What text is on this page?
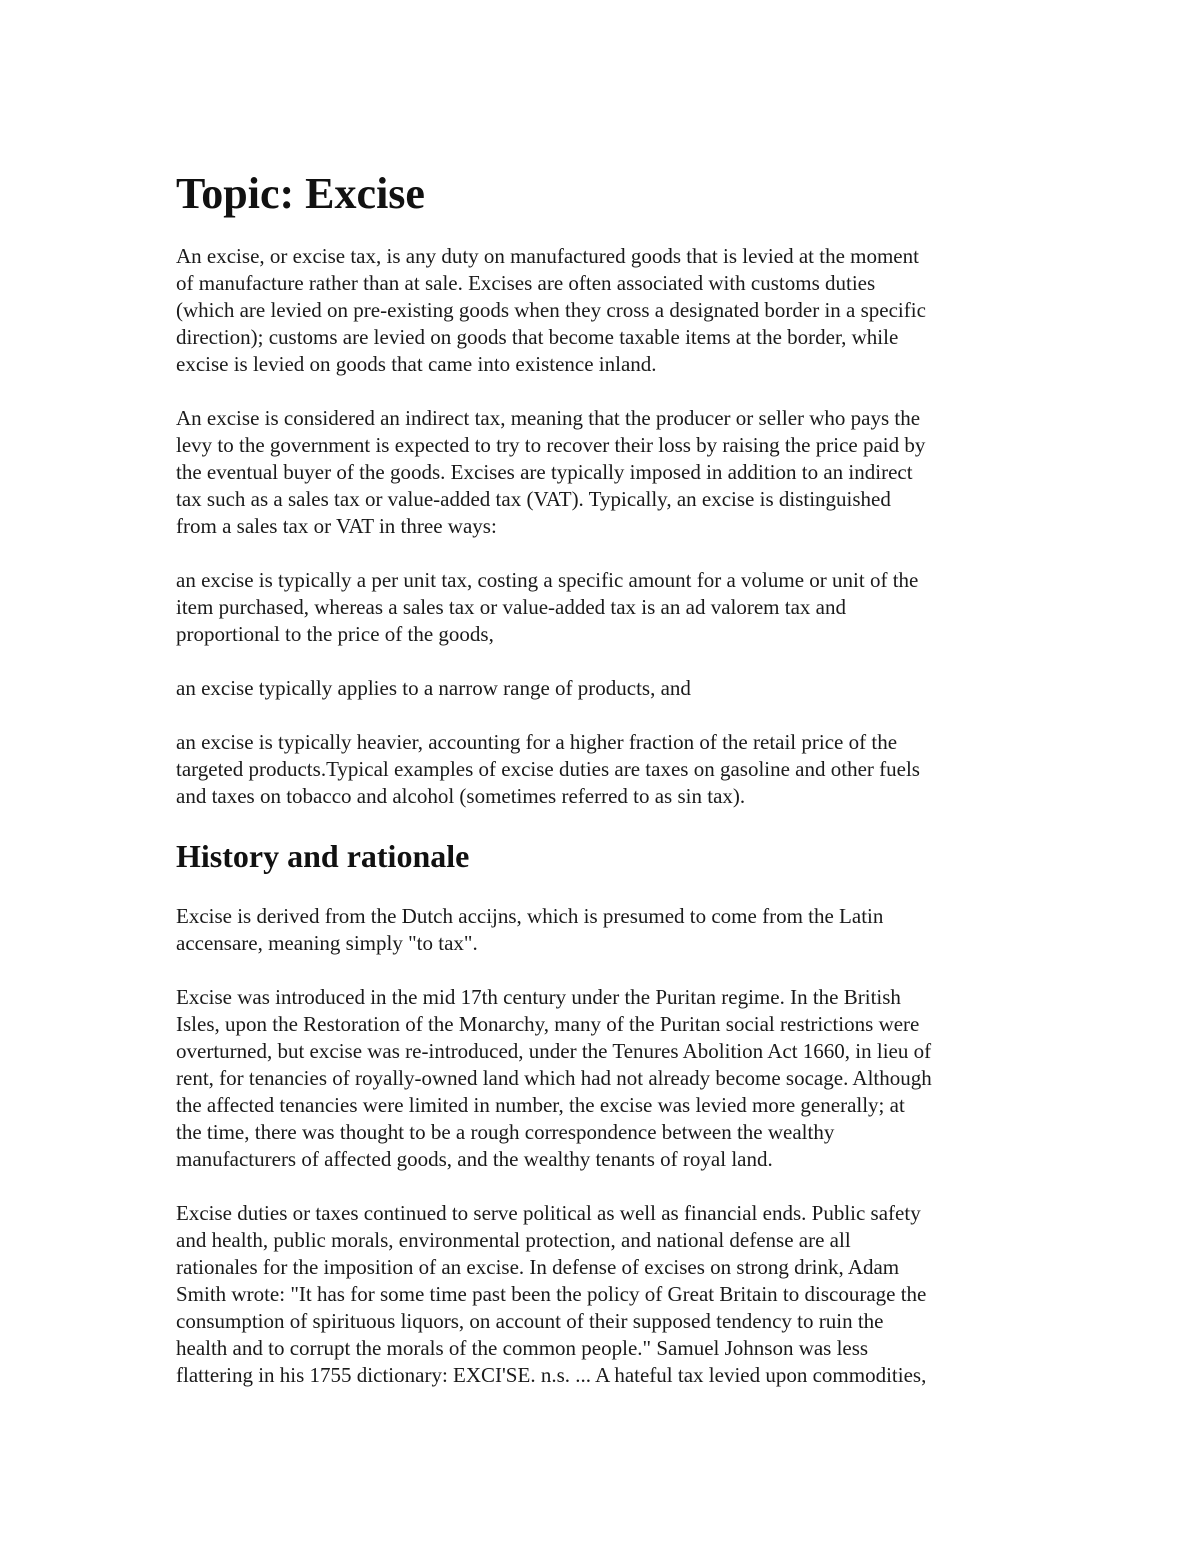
Topic: Excise

An excise, or excise tax, is any duty on manufactured goods that is levied at the moment
of manufacture rather than at sale. Excises are often associated with customs duties
(which are levied on pre-existing goods when they cross a designated border in a specific
direction); customs are levied on goods that become taxable items at the border, while
excise is levied on goods that came into existence inland.

An excise is considered an indirect tax, meaning that the producer or seller who pays the
levy to the government is expected to try to recover their loss by raising the price paid by
the eventual buyer of the goods. Excises are typically imposed in addition to an indirect
tax such as a sales tax or value-added tax (VAT). Typically, an excise is distinguished
from a sales tax or VAT in three ways:

an excise is typically a per unit tax, costing a specific amount for a volume or unit of the
item purchased, whereas a sales tax or value-added tax is an ad valorem tax and
proportional to the price of the goods,

an excise typically applies to a narrow range of products, and

an excise is typically heavier, accounting for a higher fraction of the retail price of the
targeted products.Typical examples of excise duties are taxes on gasoline and other fuels
and taxes on tobacco and alcohol (sometimes referred to as sin tax).

History and rationale

Excise is derived from the Dutch accijns, which is presumed to come from the Latin
accensare, meaning simply "to tax".

Excise was introduced in the mid 17th century under the Puritan regime. In the British
Isles, upon the Restoration of the Monarchy, many of the Puritan social restrictions were
overturned, but excise was re-introduced, under the Tenures Abolition Act 1660, in lieu of
rent, for tenancies of royally-owned land which had not already become socage. Although
the affected tenancies were limited in number, the excise was levied more generally; at
the time, there was thought to be a rough correspondence between the wealthy
manufacturers of affected goods, and the wealthy tenants of royal land.

Excise duties or taxes continued to serve political as well as financial ends. Public safety
and health, public morals, environmental protection, and national defense are all
rationales for the imposition of an excise. In defense of excises on strong drink, Adam
Smith wrote: "It has for some time past been the policy of Great Britain to discourage the
consumption of spirituous liquors, on account of their supposed tendency to ruin the
health and to corrupt the morals of the common people." Samuel Johnson was less
flattering in his 1755 dictionary: EXCI'SE. n.s. ... A hateful tax levied upon commodities,
